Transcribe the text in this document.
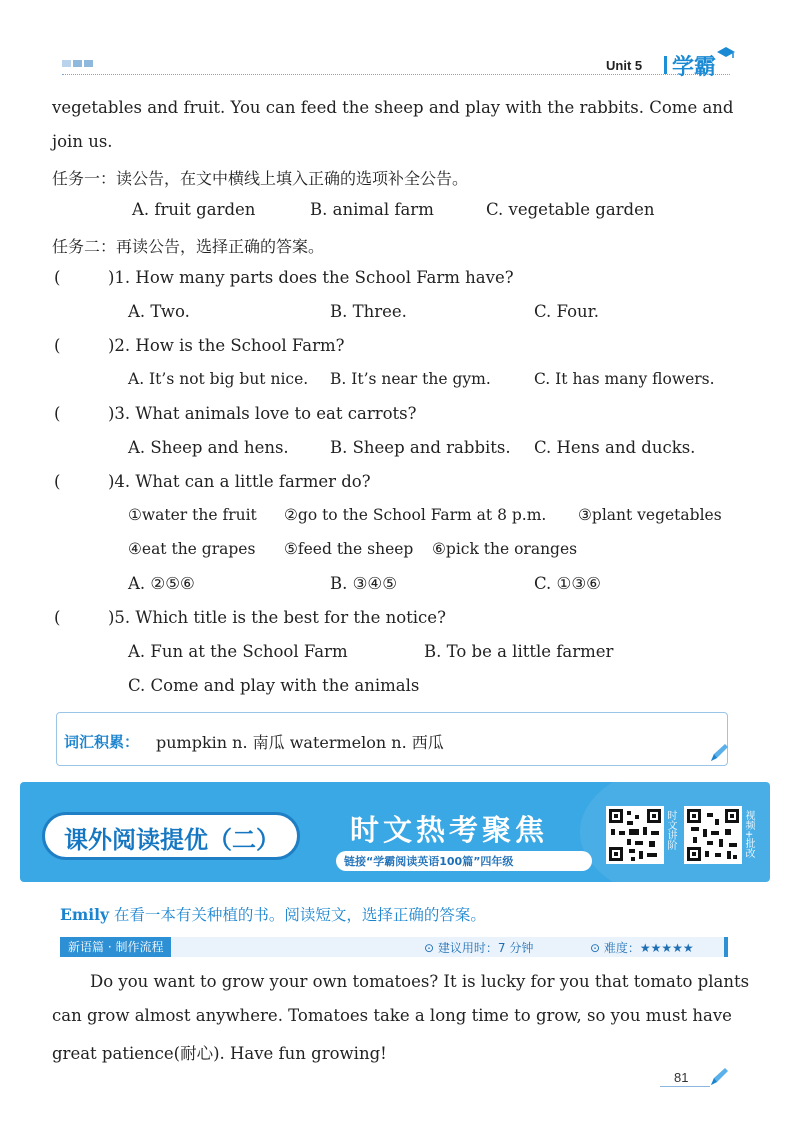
Unit 5 学霸
vegetables and fruit. You can feed the sheep and play with the rabbits. Come and
join us.
任务一：读公告，在文中横线上填入正确的选项补全公告。
A. fruit garden	B. animal farm	C. vegetable garden
任务二：再读公告，选择正确的答案。
(	)1. How many parts does the School Farm have?
A. Two.	B. Three.	C. Four.
(	)2. How is the School Farm?
A. It’s not big but nice. B. It’s near the gym.	C. It has many flowers.
(	)3. What animals love to eat carrots?
A. Sheep and hens.	B. Sheep and rabbits. C. Hens and ducks.
(	)4. What can a little farmer do?
①water the fruit ②go to the School Farm at 8 p.m. ③plant vegetables
④eat the grapes ⑤feed the sheep ⑥pick the oranges
A. ②⑤⑥	B. ③④⑤	C. ①③⑥
(	)5. Which title is the best for the notice?
A. Fun at the School Farm	B. To be a little farmer
C. Come and play with the animals
词汇积累： pumpkin n. 南瓜 watermelon n. 西瓜
课外阅读提优（二）	时文热考聚焦
链接“学霸阅读英语100篇”四年级
时文讲阶	视频+批改
Emily 在看一本有关种植的书。阅读短文，选择正确的答案。
新语篇 · 制作流程	⊙ 建议用时：7 分钟	⊙ 难度：★★★★★
Do you want to grow your own tomatoes? It is lucky for you that tomato plants
can grow almost anywhere. Tomatoes take a long time to grow, so you must have
great patience(耐心). Have fun growing!
81
